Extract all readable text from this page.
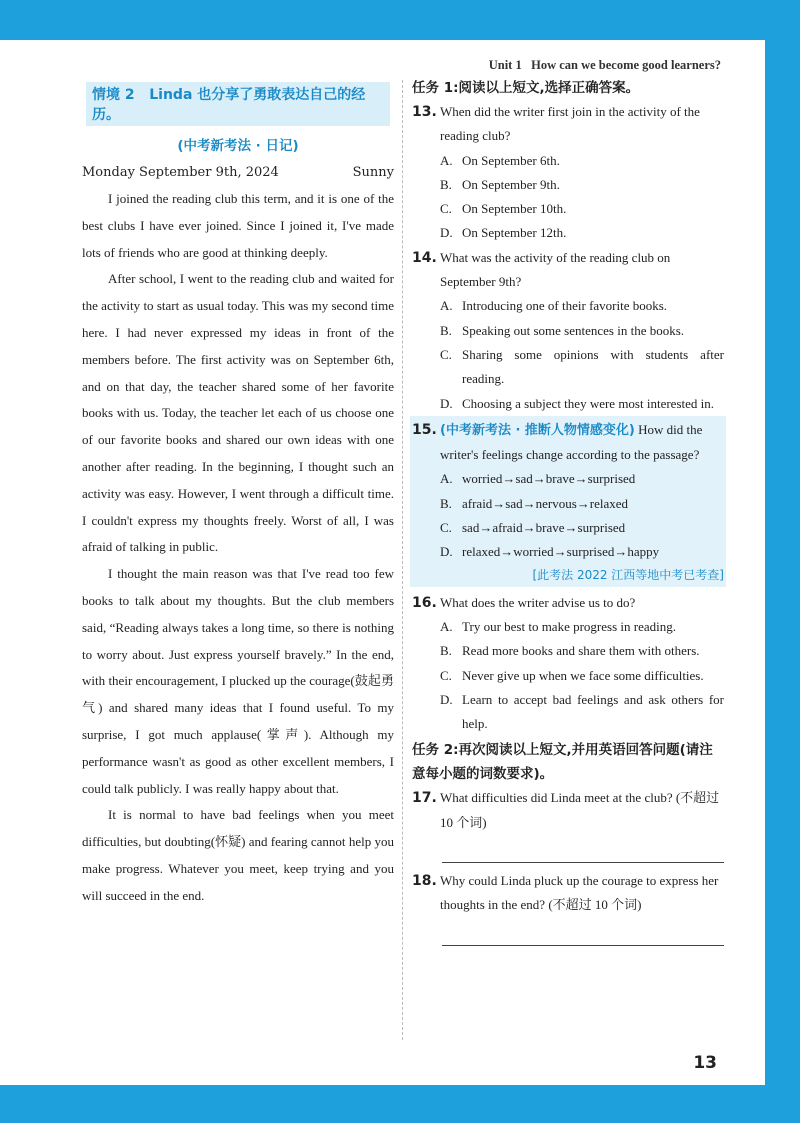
Unit 1 How can we become good learners?
情境 2 Linda 也分享了勇敢表达自己的经历。
(中考新考法 · 日记)
Monday September 9th, 2024	Sunny

I joined the reading club this term, and it is one of the best clubs I have ever joined. Since I joined it, I've made lots of friends who are good at thinking deeply.

After school, I went to the reading club and waited for the activity to start as usual today. This was my second time here. I had never expressed my ideas in front of the members before. The first activity was on September 6th, and on that day, the teacher shared some of her favorite books with us. Today, the teacher let each of us choose one of our favorite books and shared our own ideas with one another after reading. In the beginning, I thought such an activity was easy. However, I went through a difficult time. I couldn't express my thoughts freely. Worst of all, I was afraid of talking in public.

I thought the main reason was that I've read too few books to talk about my thoughts. But the club members said, “Reading always takes a long time, so there is nothing to worry about. Just express yourself bravely.” In the end, with their encouragement, I plucked up the courage(鼓起勇气) and shared many ideas that I found useful. To my surprise, I got much applause(掌声). Although my performance wasn't as good as other excellent members, I could talk publicly. I was really happy about that.

It is normal to have bad feelings when you meet difficulties, but doubting(怀疑) and fearing cannot help you make progress. Whatever you meet, keep trying and you will succeed in the end.

任务 1:阅读以上短文,选择正确答案。
13. When did the writer first join in the activity of the reading club?
A. On September 6th.
B. On September 9th.
C. On September 10th.
D. On September 12th.
14. What was the activity of the reading club on September 9th?
A. Introducing one of their favorite books.
B. Speaking out some sentences in the books.
C. Sharing some opinions with students after reading.
D. Choosing a subject they were most interested in.
15. (中考新考法 · 推断人物情感变化) How did the writer's feelings change according to the passage?
A. worried→sad→brave→surprised
B. afraid→sad→nervous→relaxed
C. sad→afraid→brave→surprised
D. relaxed→worried→surprised→happy
[此考法 2022 江西等地中考已考查]
16. What does the writer advise us to do?
A. Try our best to make progress in reading.
B. Read more books and share them with others.
C. Never give up when we face some difficulties.
D. Learn to accept bad feelings and ask others for help.
任务 2:再次阅读以上短文,并用英语回答问题(请注意每小题的词数要求)。
17. What difficulties did Linda meet at the club? (不超过 10 个词)
18. Why could Linda pluck up the courage to express her thoughts in the end? (不超过 10 个词)
13
